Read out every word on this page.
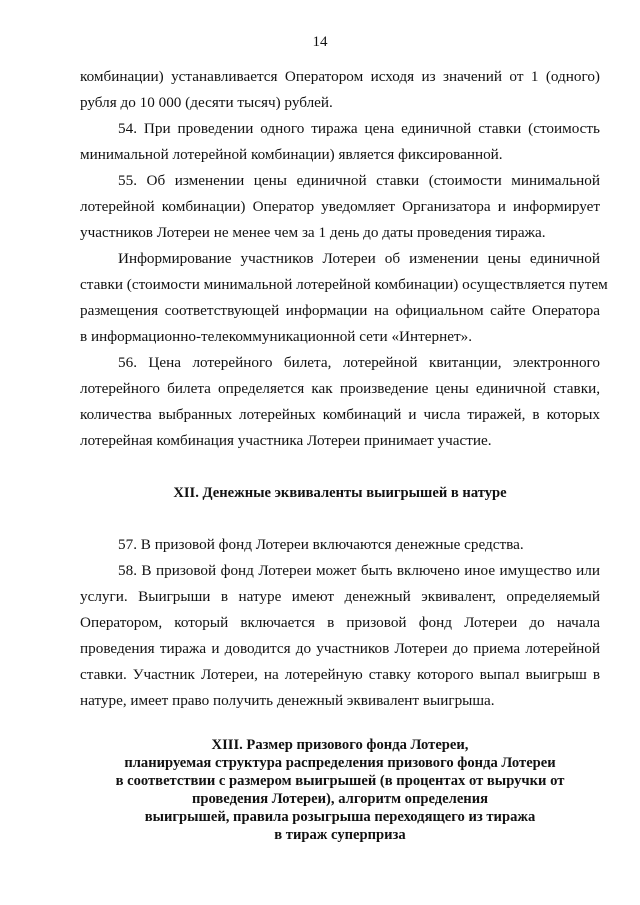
14
комбинации) устанавливается Оператором исходя из значений от 1 (одного)
рубля до 10 000 (десяти тысяч) рублей.
54. При проведении одного тиража цена единичной ставки (стоимость
минимальной лотерейной комбинации) является фиксированной.
55. Об изменении цены единичной ставки (стоимости минимальной
лотерейной комбинации) Оператор уведомляет Организатора и информирует
участников Лотереи не менее чем за 1 день до даты проведения тиража.
Информирование участников Лотереи об изменении цены единичной
ставки (стоимости минимальной лотерейной комбинации) осуществляется путем
размещения соответствующей информации на официальном сайте Оператора
в информационно-телекоммуникационной сети «Интернет».
56. Цена лотерейного билета, лотерейной квитанции, электронного
лотерейного билета определяется как произведение цены единичной ставки,
количества выбранных лотерейных комбинаций и числа тиражей, в которых
лотерейная комбинация участника Лотереи принимает участие.
XII. Денежные эквиваленты выигрышей в натуре
57. В призовой фонд Лотереи включаются денежные средства.
58. В призовой фонд Лотереи может быть включено иное имущество или
услуги. Выигрыши в натуре имеют денежный эквивалент, определяемый
Оператором, который включается в призовой фонд Лотереи до начала
проведения тиража и доводится до участников Лотереи до приема лотерейной
ставки. Участник Лотереи, на лотерейную ставку которого выпал выигрыш в
натуре, имеет право получить денежный эквивалент выигрыша.
XIII. Размер призового фонда Лотереи,
планируемая структура распределения призового фонда Лотереи
в соответствии с размером выигрышей (в процентах от выручки от
проведения Лотереи), алгоритм определения
выигрышей, правила розыгрыша переходящего из тиража
в тираж суперприза
